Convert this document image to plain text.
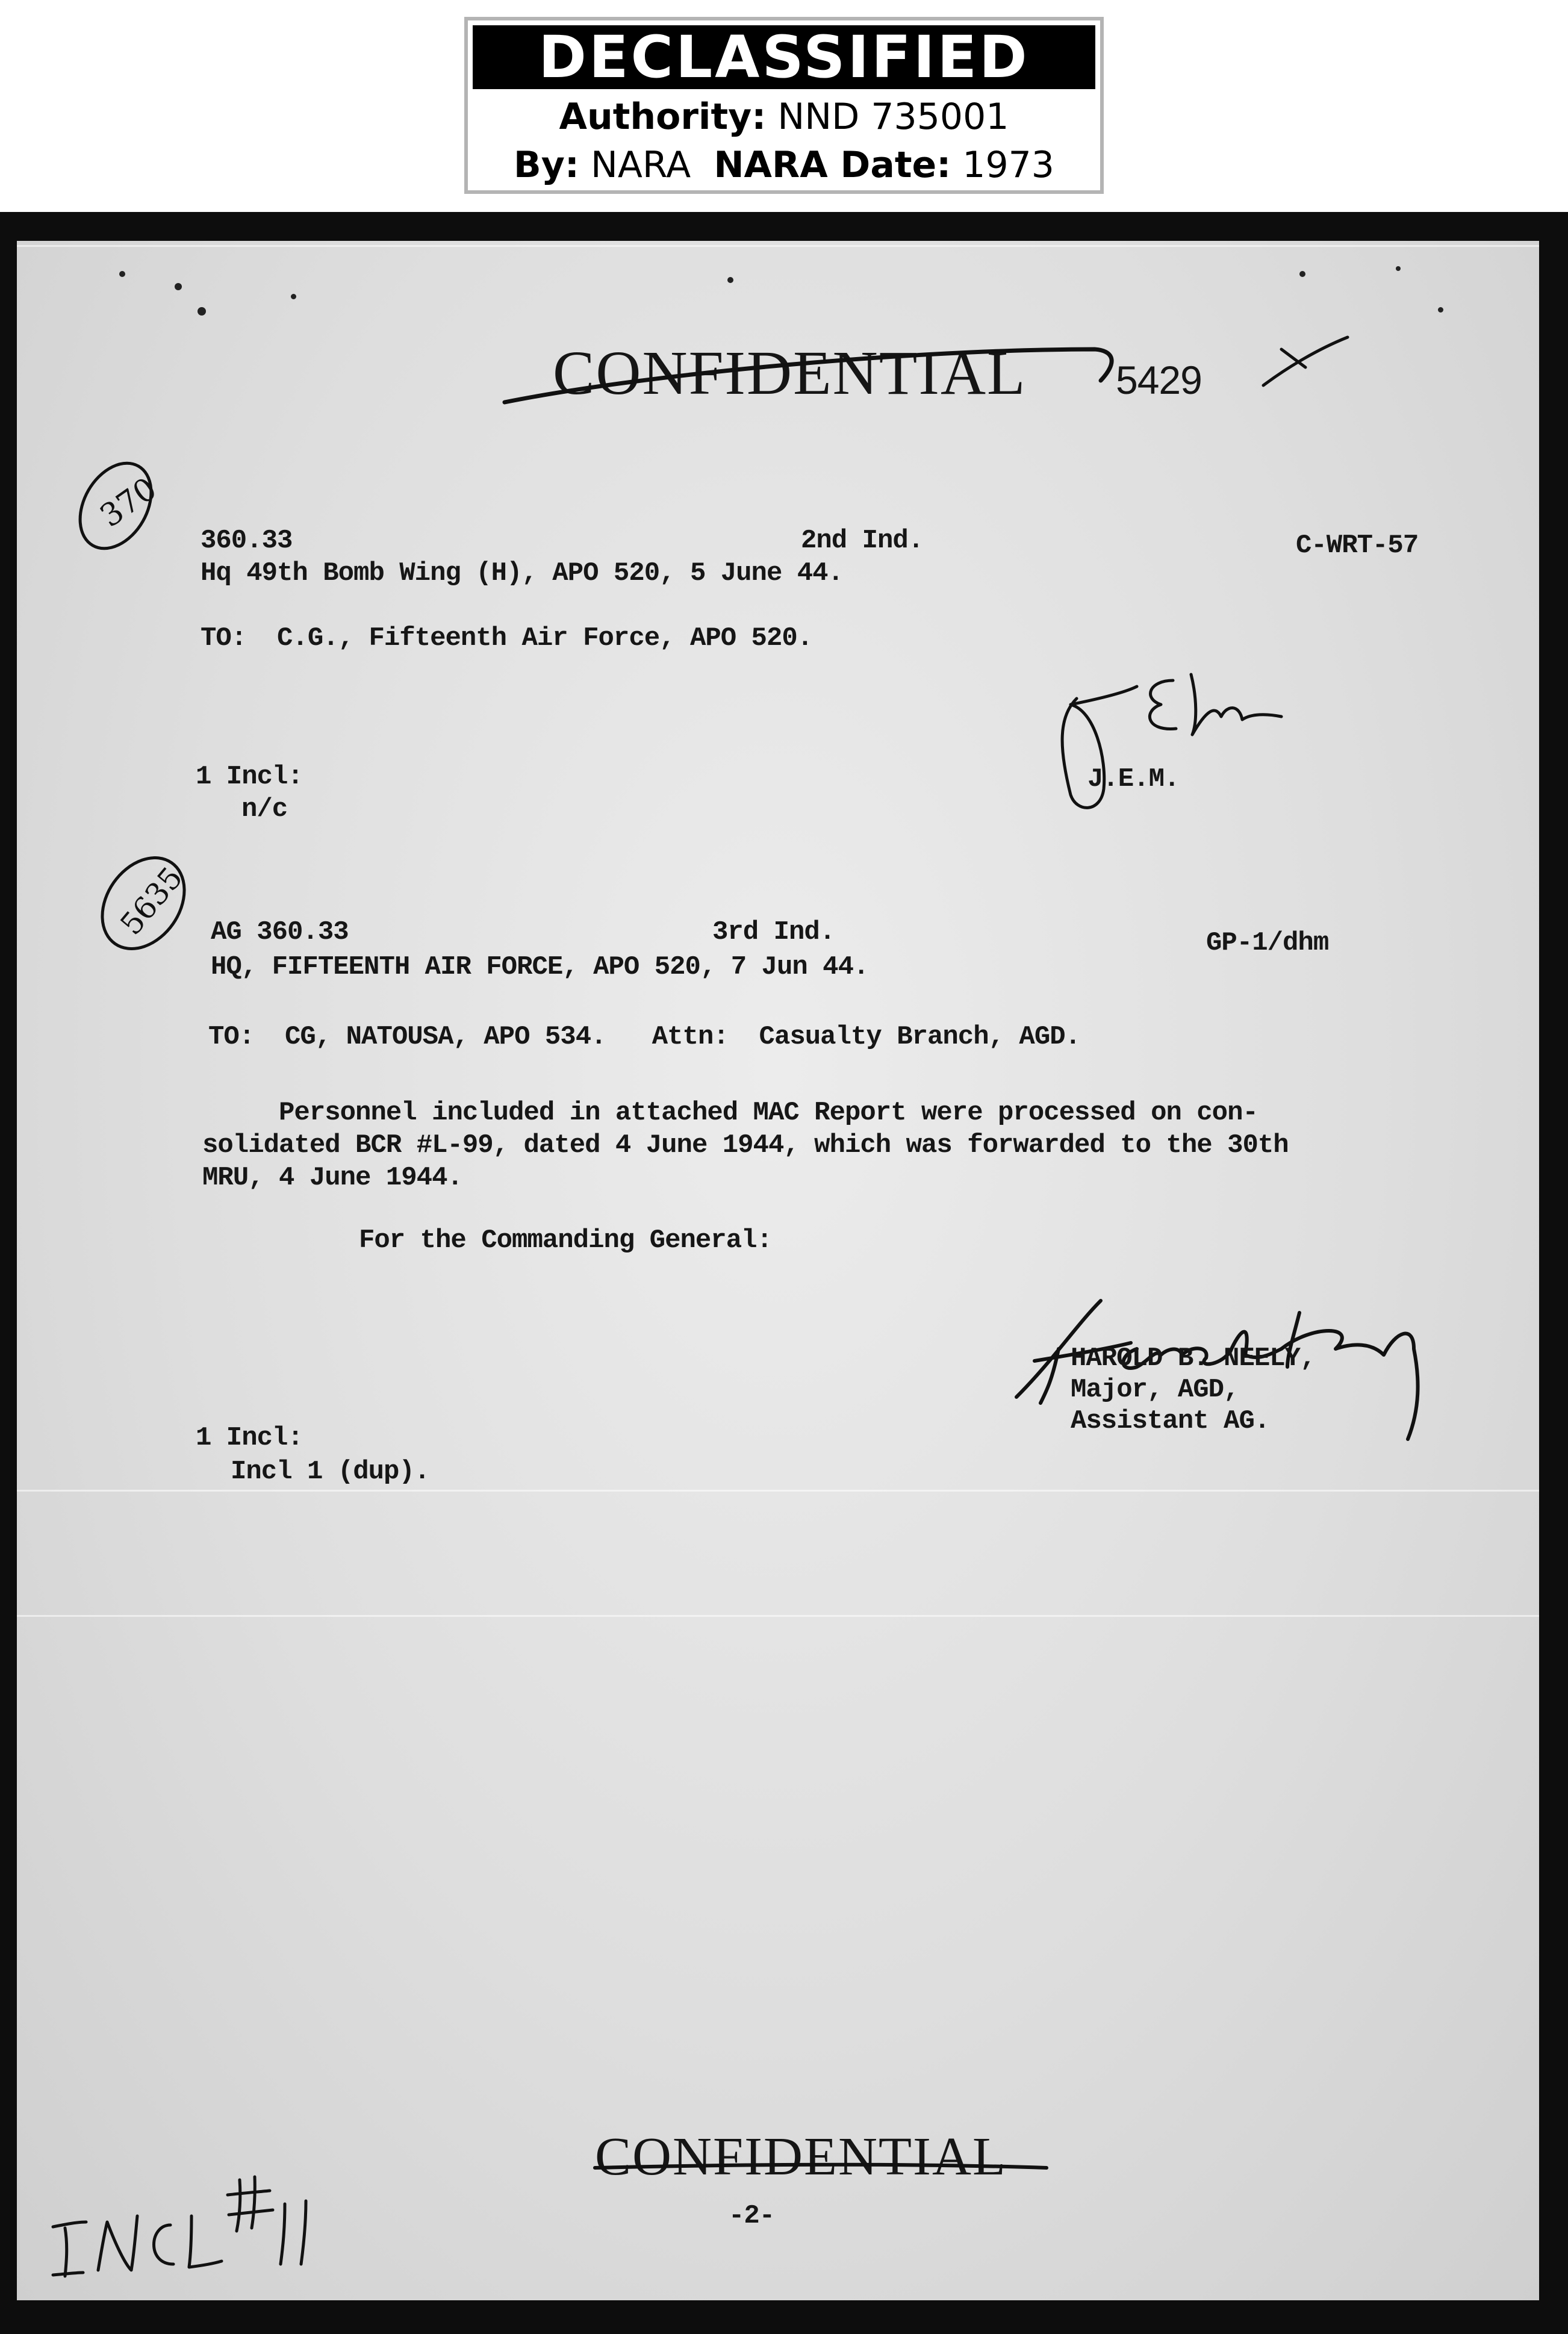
DECLASSIFIED
Authority: NND 735001
By: NARA NARA Date: 1973
CONFIDENTIAL 5429
370
360.33	2nd Ind.	C-WRT-57
Hq 49th Bomb Wing (H), APO 520, 5 June 44.
TO:  C.G., Fifteenth Air Force, APO 520.
1 Incl:
n/c
J.E.M.
5635 AG 360.33	3rd Ind.	GP-1/dhm
HQ, FIFTEENTH AIR FORCE, APO 520, 7 Jun 44.
TO:  CG, NATOUSA, APO 534.   Attn:  Casualty Branch, AGD.
Personnel included in attached MAC Report were processed on con-
solidated BCR #L-99, dated 4 June 1944, which was forwarded to the 30th
MRU, 4 June 1944.
For the Commanding General:
HAROLD B. NEELY,
Major, AGD,
Assistant AG.
1 Incl:
Incl 1 (dup).
CONFIDENTIAL
-2-
